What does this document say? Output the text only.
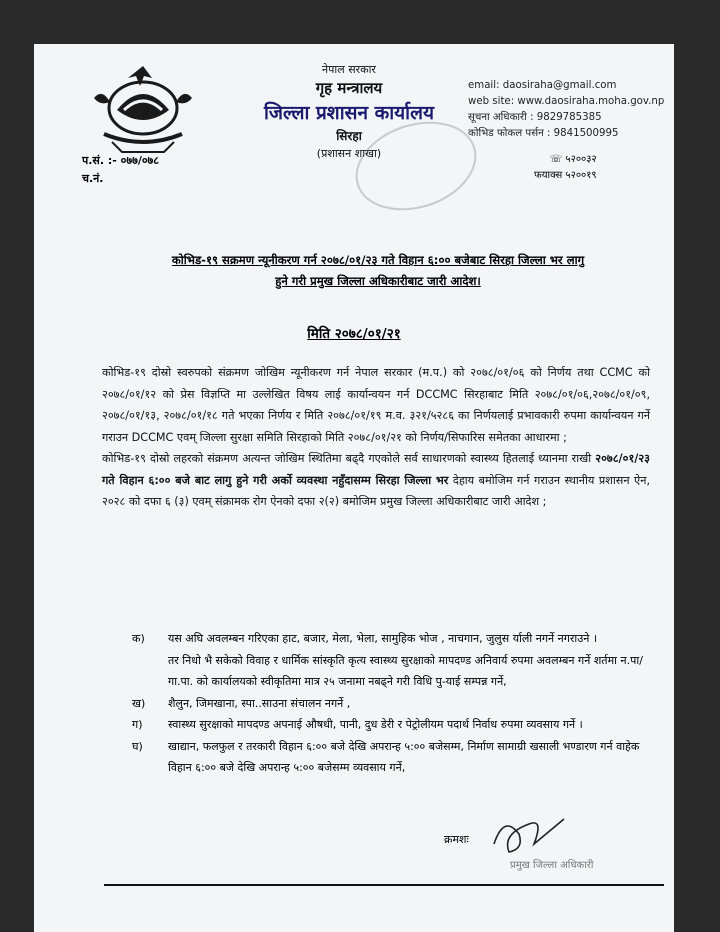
नेपाल सरकार
गृह मन्त्रालय
जिल्ला प्रशासन कार्यालय
सिरहा
(प्रशासन शाखा)
email: daosiraha@gmail.com
web site: www.daosiraha.moha.gov.np
सूचना अधिकारी : 9829785385
कोभिड फोकल पर्सन : 9841500995
प.सं. :- ०७७/०७८
च.नं.
☏ ५२००३२
फयाक्स ५२००१९
कोभिड-१९ सक्रमण न्यूनीकरण गर्न २०७८/०१/२३ गते विहान ६:०० बजेबाट सिरहा जिल्ला भर लागु
हुने गरी प्रमुख जिल्ला अधिकारीबाट जारी आदेश।
मिति २०७८/०१/२१

कोभिड-१९ दोस्रो स्वरुपको संक्रमण जोखिम न्यूनीकरण गर्न नेपाल सरकार (म.प.) को २०७८/०१/०६ को निर्णय तथा CCMC को २०७८/०१/१२ को प्रेस विज्ञप्ति मा उल्लेखित विषय लाई कार्यान्वयन गर्न DCCMC सिरहाबाट मिति २०७८/०१/०६,२०७८/०१/०९, २०७८/०१/१३, २०७८/०१/१८ गते भएका निर्णय र मिति २०७८/०१/१९ म.व. ३२१/५२८६ का निर्णयलाई प्रभावकारी रुपमा कार्यान्वयन गर्ने गराउन DCCMC एवम् जिल्ला सुरक्षा समिति सिरहाको मिति २०७८/०१/२१ को निर्णय/सिफारिस समेतका आधारमा ;

कोभिड-१९ दोस्रो लहरको संक्रमण अत्यन्त जोखिम स्थितिमा बढ्दै गएकोले सर्व साधारणको स्वास्थ्य हितलाई ध्यानमा राखी २०७८/०१/२३ गते विहान ६:०० बजे बाट लागु हुने गरी अर्को व्यवस्था नहुँदासम्म सिरहा जिल्ला भर देहाय बमोजिम गर्न गराउन स्थानीय प्रशासन ऐन, २०२८ को दफा ६ (३) एवम् संक्रामक रोग ऐनको दफा २(२) बमोजिम प्रमुख जिल्ला अधिकारीबाट जारी आदेश ;

क)	यस अघि अवलम्बन गरिएका हाट, बजार, मेला, भेला, सामुहिक भोज , नाचगान, जुलुस र्याली नगर्ने नगराउने ।
तर निधो भै सकेको विवाह र धार्मिक सांस्कृति कृत्य स्वास्थ्य सुरक्षाको मापदण्ड अनिवार्य रुपमा अवलम्बन गर्ने शर्तमा न.पा/गा.पा. को कार्यालयको स्वीकृतिमा मात्र २५ जनामा नबढ्ने गरी विधि पु-याई सम्पन्न गर्ने,
ख)	शैलुन, जिमखाना, स्पा..साउना संचालन नगर्ने ,
ग)	स्वास्थ्य सुरक्षाको मापदण्ड अपनाई औषधी, पानी, दुध डेरी र पेट्रोलीयम पदार्थ निर्वाध रुपमा व्यवसाय गर्ने ।
घ)	खाद्यान, फलफुल र तरकारी विहान ६:०० बजे देखि अपरान्ह ५:०० बजेसम्म, निर्माण सामाग्री खसाली भण्डारण गर्न वाहेक विहान ६:०० बजे देखि अपरान्ह ५:०० बजेसम्म व्यवसाय गर्ने,
क्रमशः
प्रमुख जिल्ला अधिकारी
